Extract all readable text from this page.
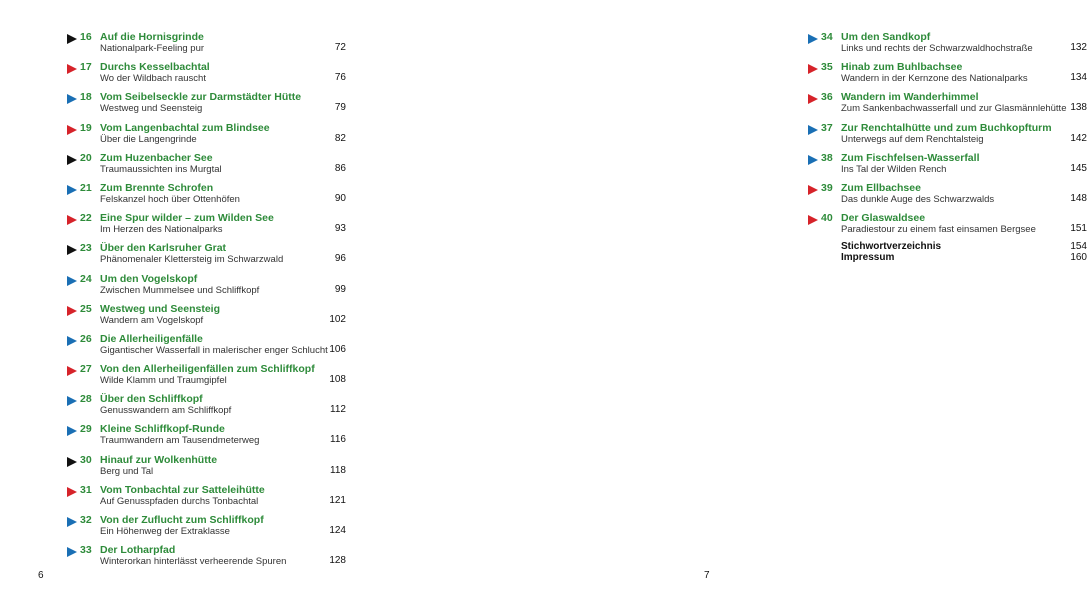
16 Auf die Hornisgrinde
Nationalpark-Feeling pur	72
17 Durchs Kesselbachtal
Wo der Wildbach rauscht	76
18 Vom Seibelseckle zur Darmstädter Hütte
Westweg und Seensteig	79
19 Vom Langenbachtal zum Blindsee
Über die Langengrinde	82
20 Zum Huzenbacher See
Traumaussichten ins Murgtal	86
21 Zum Brennte Schrofen
Felskanzel hoch über Ottenhöfen	90
22 Eine Spur wilder – zum Wilden See
Im Herzen des Nationalparks	93
23 Über den Karlsruher Grat
Phänomenaler Klettersteig im Schwarzwald	96
24 Um den Vogelskopf
Zwischen Mummelsee und Schliffkopf	99
25 Westweg und Seensteig
Wandern am Vogelskopf	102
26 Die Allerheiligenfälle
Gigantischer Wasserfall in malerischer enger Schlucht 106
27 Von den Allerheiligenfällen zum Schliffkopf
Wilde Klamm und Traumgipfel	108
28 Über den Schliffkopf
Genusswandern am Schliffkopf	112
29 Kleine Schliffkopf-Runde
Traumwandern am Tausendmeterweg	116
30 Hinauf zur Wolkenhütte
Berg und Tal	118
31 Vom Tonbachtal zur Satteleihütte
Auf Genusspfaden durchs Tonbachtal	121
32 Von der Zuflucht zum Schliffkopf
Ein Höhenweg der Extraklasse	124
33 Der Lotharpfad
Winterorkan hinterlässt verheerende Spuren	128
6
34 Um den Sandkopf
Links und rechts der Schwarzwaldhochstraße	132
35 Hinab zum Buhlbachsee
Wandern in der Kernzone des Nationalparks	134
36 Wandern im Wanderhimmel
Zum Sankenbachwasserfall und zur Glasmännlehütte 138
37 Zur Renchtalhütte und zum Buchkopfturm
Unterwegs auf dem Renchtalsteig	142
38 Zum Fischfelsen-Wasserfall
Ins Tal der Wilden Rench	145
39 Zum Ellbachsee
Das dunkle Auge des Schwarzwalds	148
40 Der Glaswaldsee
Paradiestour zu einem fast einsamen Bergsee	151
Stichwortverzeichnis	154
Impressum	160
7
